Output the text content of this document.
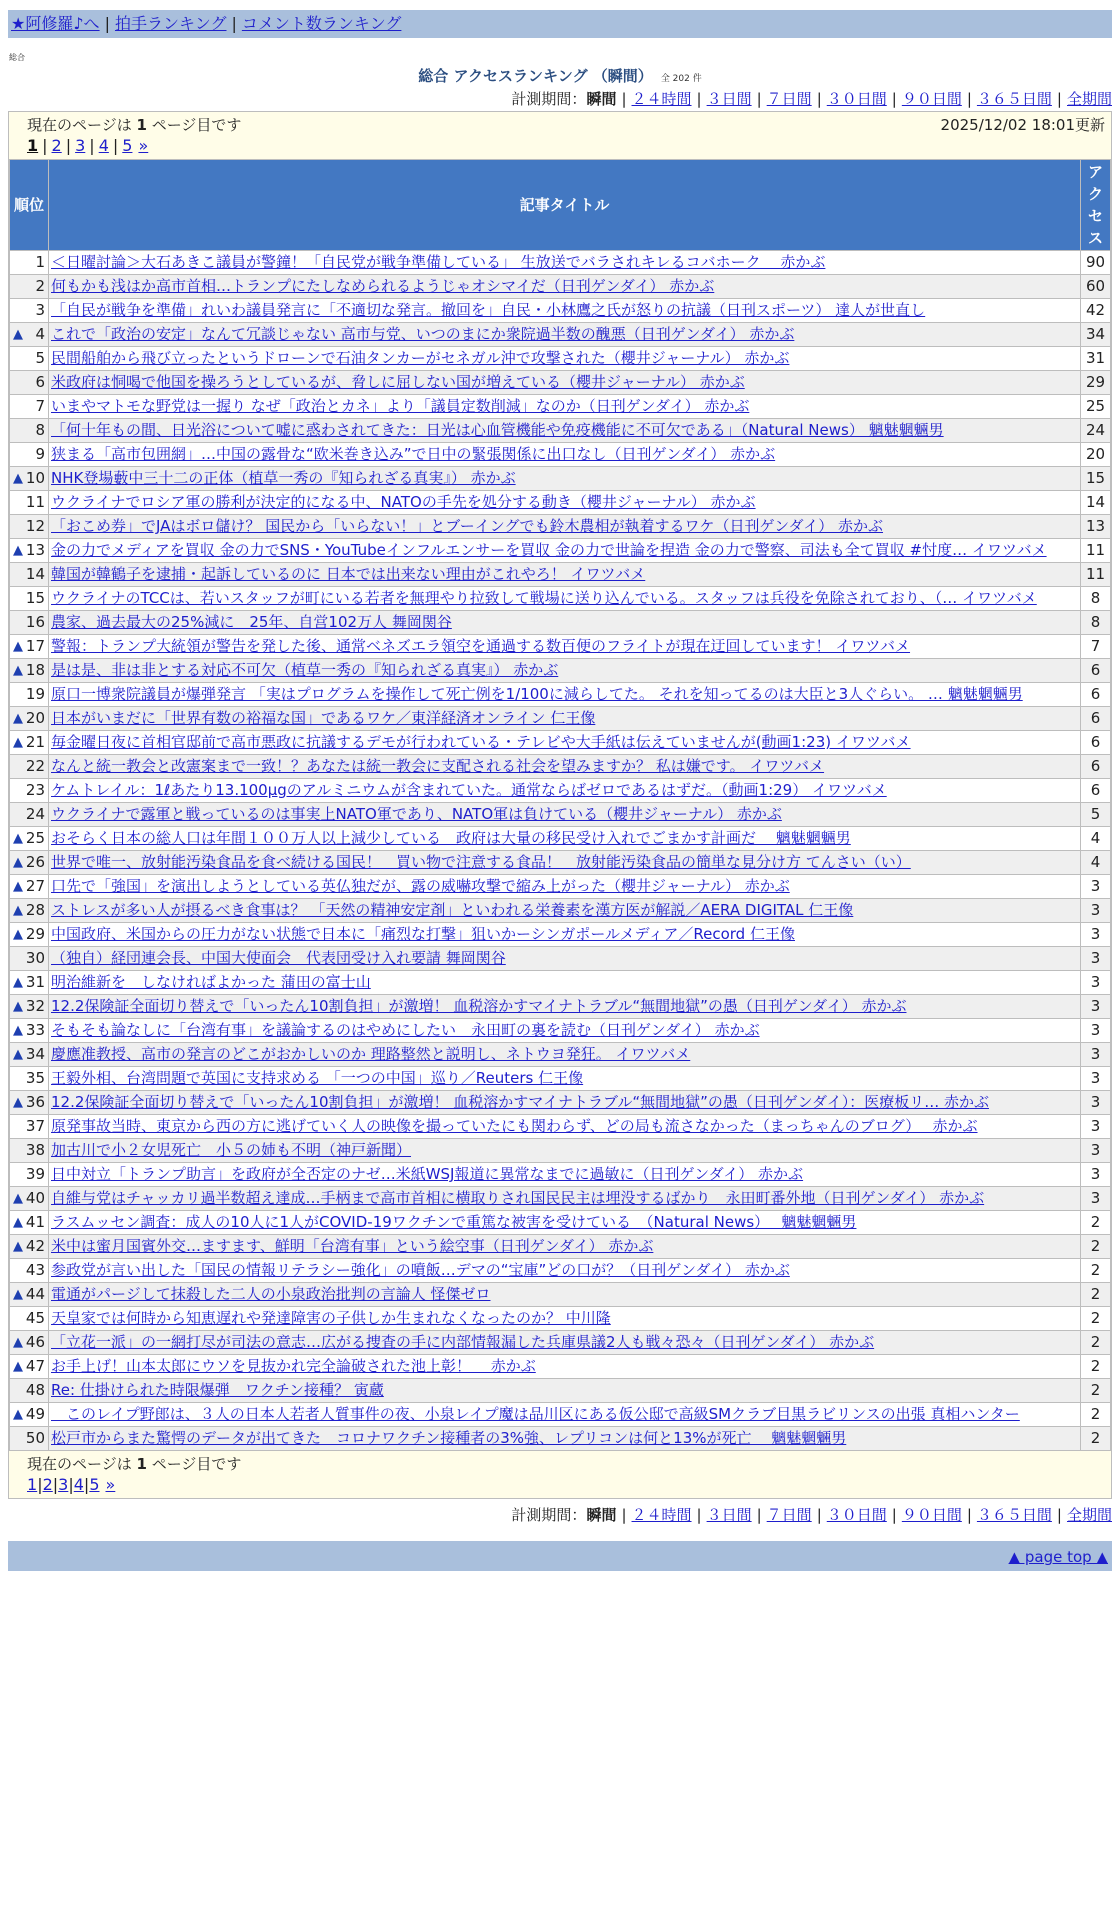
★阿修羅♪へ | 拍手ランキング | コメント数ランキング
総合
総合 アクセスランキング （瞬間） 全 202 件
計測期間：瞬間 | ２４時間 | ３日間 | ７日間 | ３０日間 | ９０日間 | ３６５日間 | 全期間
現在のページは 1 ページ目です	2025/12/02 18:01更新
1 | 2 | 3 | 4 | 5 »
順位	記事タイトル	アクセス
1	＜日曜討論＞大石あきこ議員が警鐘！「自民党が戦争準備している」 生放送でバラされキレるコバホーク　 赤かぶ	90
2	何もかも浅はか高市首相…トランプにたしなめられるようじゃオシマイだ（日刊ゲンダイ） 赤かぶ	60
3	「自民が戦争を準備」れいわ議員発言に「不適切な発言。撤回を」自民・小林鷹之氏が怒りの抗議（日刊スポーツ） 達人が世直し	42

▲ 4	これで「政治の安定」なんて冗談じゃない 高市与党、いつのまにか衆院過半数の醜悪（日刊ゲンダイ） 赤かぶ	34
5	民間船舶から飛び立ったというドローンで石油タンカーがセネガル沖で攻撃された（櫻井ジャーナル） 赤かぶ	31
6	米政府は恫喝で他国を操ろうとしているが、脅しに屈しない国が増えている（櫻井ジャーナル） 赤かぶ	29
7	いまやマトモな野党は一握り なぜ「政治とカネ」より「議員定数削減」なのか（日刊ゲンダイ） 赤かぶ	25
8	「何十年もの間、日光浴について嘘に惑わされてきた：日光は心血管機能や免疫機能に不可欠である」（Natural News） 魑魅魍魎男	24
9	狭まる「高市包囲網」…中国の露骨な“欧米巻き込み”で日中の緊張関係に出口なし（日刊ゲンダイ） 赤かぶ	20

▲ 10	NHK登場藪中三十二の正体（植草一秀の『知られざる真実』） 赤かぶ	15
11	ウクライナでロシア軍の勝利が決定的になる中、NATOの手先を処分する動き（櫻井ジャーナル） 赤かぶ	14
12	「おこめ券」でJAはボロ儲け？ 国民から「いらない！」とブーイングでも鈴木農相が執着するワケ（日刊ゲンダイ） 赤かぶ	13

▲ 13	金の力でメディアを買収 金の力でSNS・YouTubeインフルエンサーを買収 金の力で世論を捏造 金の力で警察、司法も全て買収 #忖度… イワツバメ	11
14	韓国が韓鶴子を逮捕・起訴しているのに 日本では出来ない理由がこれやろ！ イワツバメ	11
15	ウクライナのTCCは、若いスタッフが町にいる若者を無理やり拉致して戦場に送り込んでいる。スタッフは兵役を免除されており、（… イワツバメ	8
16	農家、過去最大の25%減に　25年、自営102万人 舞岡関谷	8

▲ 17	警報：トランプ大統領が警告を発した後、通常ベネズエラ領空を通過する数百便のフライトが現在迂回しています！ イワツバメ	7

▲ 18	是は是、非は非とする対応不可欠（植草一秀の『知られざる真実』） 赤かぶ	6
19	原口一博衆院議員が爆弾発言 「実はプログラムを操作して死亡例を1/100に減らしてた。 それを知ってるのは大臣と3人ぐらい。 … 魑魅魍魎男	6

▲ 20	日本がいまだに「世界有数の裕福な国」であるワケ／東洋経済オンライン 仁王像	6

▲ 21	毎金曜日夜に首相官邸前で高市悪政に抗議するデモが行われている・テレビや大手紙は伝えていませんが(動画1:23) イワツバメ	6
22	なんと統一教会と改憲案まで一致！？あなたは統一教会に支配される社会を望みますか？ 私は嫌です。 イワツバメ	6
23	ケムトレイル：1ℓあたり13.100μgのアルミニウムが含まれていた。通常ならばゼロであるはずだ。（動画1:29） イワツバメ	6
24	ウクライナで露軍と戦っているのは事実上NATO軍であり、NATO軍は負けている（櫻井ジャーナル） 赤かぶ	5

▲ 25	おそらく日本の総人口は年間１００万人以上減少している　政府は大量の移民受け入れでごまかす計画だ　 魑魅魍魎男	4

▲ 26	世界で唯一、放射能汚染食品を食べ続ける国民！　買い物で注意する食品！　放射能汚染食品の簡単な見分け方 てんさい（い）	4

▲ 27	口先で「強国」を演出しようとしている英仏独だが、露の威嚇攻撃で縮み上がった（櫻井ジャーナル） 赤かぶ	3

▲ 28	ストレスが多い人が摂るべき食事は？ 「天然の精神安定剤」といわれる栄養素を漢方医が解説／AERA DIGITAL 仁王像	3

▲ 29	中国政府、米国からの圧力がない状態で日本に「痛烈な打撃」狙いかーシンガポールメディア／Record 仁王像	3
30	（独自）経団連会長、中国大使面会　代表団受け入れ要請 舞岡関谷	3

▲ 31	明治維新を　しなければよかった 蒲田の富士山	3

▲ 32	12.2保険証全面切り替えで「いったん10割負担」が激増！ 血税溶かすマイナトラブル“無間地獄”の愚（日刊ゲンダイ） 赤かぶ	3

▲ 33	そもそも論なしに「台湾有事」を議論するのはやめにしたい　永田町の裏を読む（日刊ゲンダイ） 赤かぶ	3

▲ 34	慶應准教授、高市の発言のどこがおかしいのか 理路整然と説明し、ネトウヨ発狂。 イワツバメ	3
35	王毅外相、台湾問題で英国に支持求める 「一つの中国」巡り／Reuters 仁王像	3

▲ 36	12.2保険証全面切り替えで「いったん10割負担」が激増！ 血税溶かすマイナトラブル“無間地獄”の愚（日刊ゲンダイ）：医療板リ… 赤かぶ	3
37	原発事故当時、東京から西の方に逃げていく人の映像を撮っていたにも関わらず、どの局も流さなかった（まっちゃんのブログ）　 赤かぶ	3
38	加古川で小２女児死亡　小５の姉も不明（神戸新聞）	3
39	日中対立「トランプ助言」を政府が全否定のナゼ…米紙WSJ報道に異常なまでに過敏に（日刊ゲンダイ） 赤かぶ	3

▲ 40	自維与党はチャッカリ過半数超え達成…手柄まで高市首相に横取りされ国民民主は埋没するばかり　永田町番外地（日刊ゲンダイ） 赤かぶ	3

▲ 41	ラスムッセン調査：成人の10人に1人がCOVID-19ワクチンで重篤な被害を受けている　（Natural News）　 魑魅魍魎男	2

▲ 42	米中は蜜月国賓外交…ますます、鮮明「台湾有事」という絵空事（日刊ゲンダイ） 赤かぶ	2
43	参政党が言い出した「国民の情報リテラシー強化」の噴飯…デマの“宝庫”どの口が？（日刊ゲンダイ） 赤かぶ	2

▲ 44	電通がパージして抹殺した二人の小泉政治批判の言論人 怪傑ゼロ	2
45	天皇家では何時から知恵遅れや発達障害の子供しか生まれなくなったのか？ 中川隆	2

▲ 46	「立花一派」の一網打尽が司法の意志…広がる捜査の手に内部情報漏した兵庫県議2人も戦々恐々（日刊ゲンダイ） 赤かぶ	2

▲ 47	お手上げ！山本太郎にウソを見抜かれ完全論破された池上彰！　 赤かぶ	2
48	Re: 仕掛けられた時限爆弾　ワクチン接種？ 寅蔵	2

▲ 49	　このレイプ野郎は、３人の日本人若者人質事件の夜、小泉レイプ魔は品川区にある仮公邸で高級SMクラブ目黒ラビリンスの出張 真相ハンター	2
50	松戸市からまた驚愕のデータが出てきた　コロナワクチン接種者の3%強、レプリコンは何と13%が死亡　 魑魅魍魎男	2
現在のページは 1 ページ目です
1|2|3|4|5 »
計測期間：瞬間 | ２４時間 | ３日間 | ７日間 | ３０日間 | ９０日間 | ３６５日間 | 全期間
▲ page top ▲
